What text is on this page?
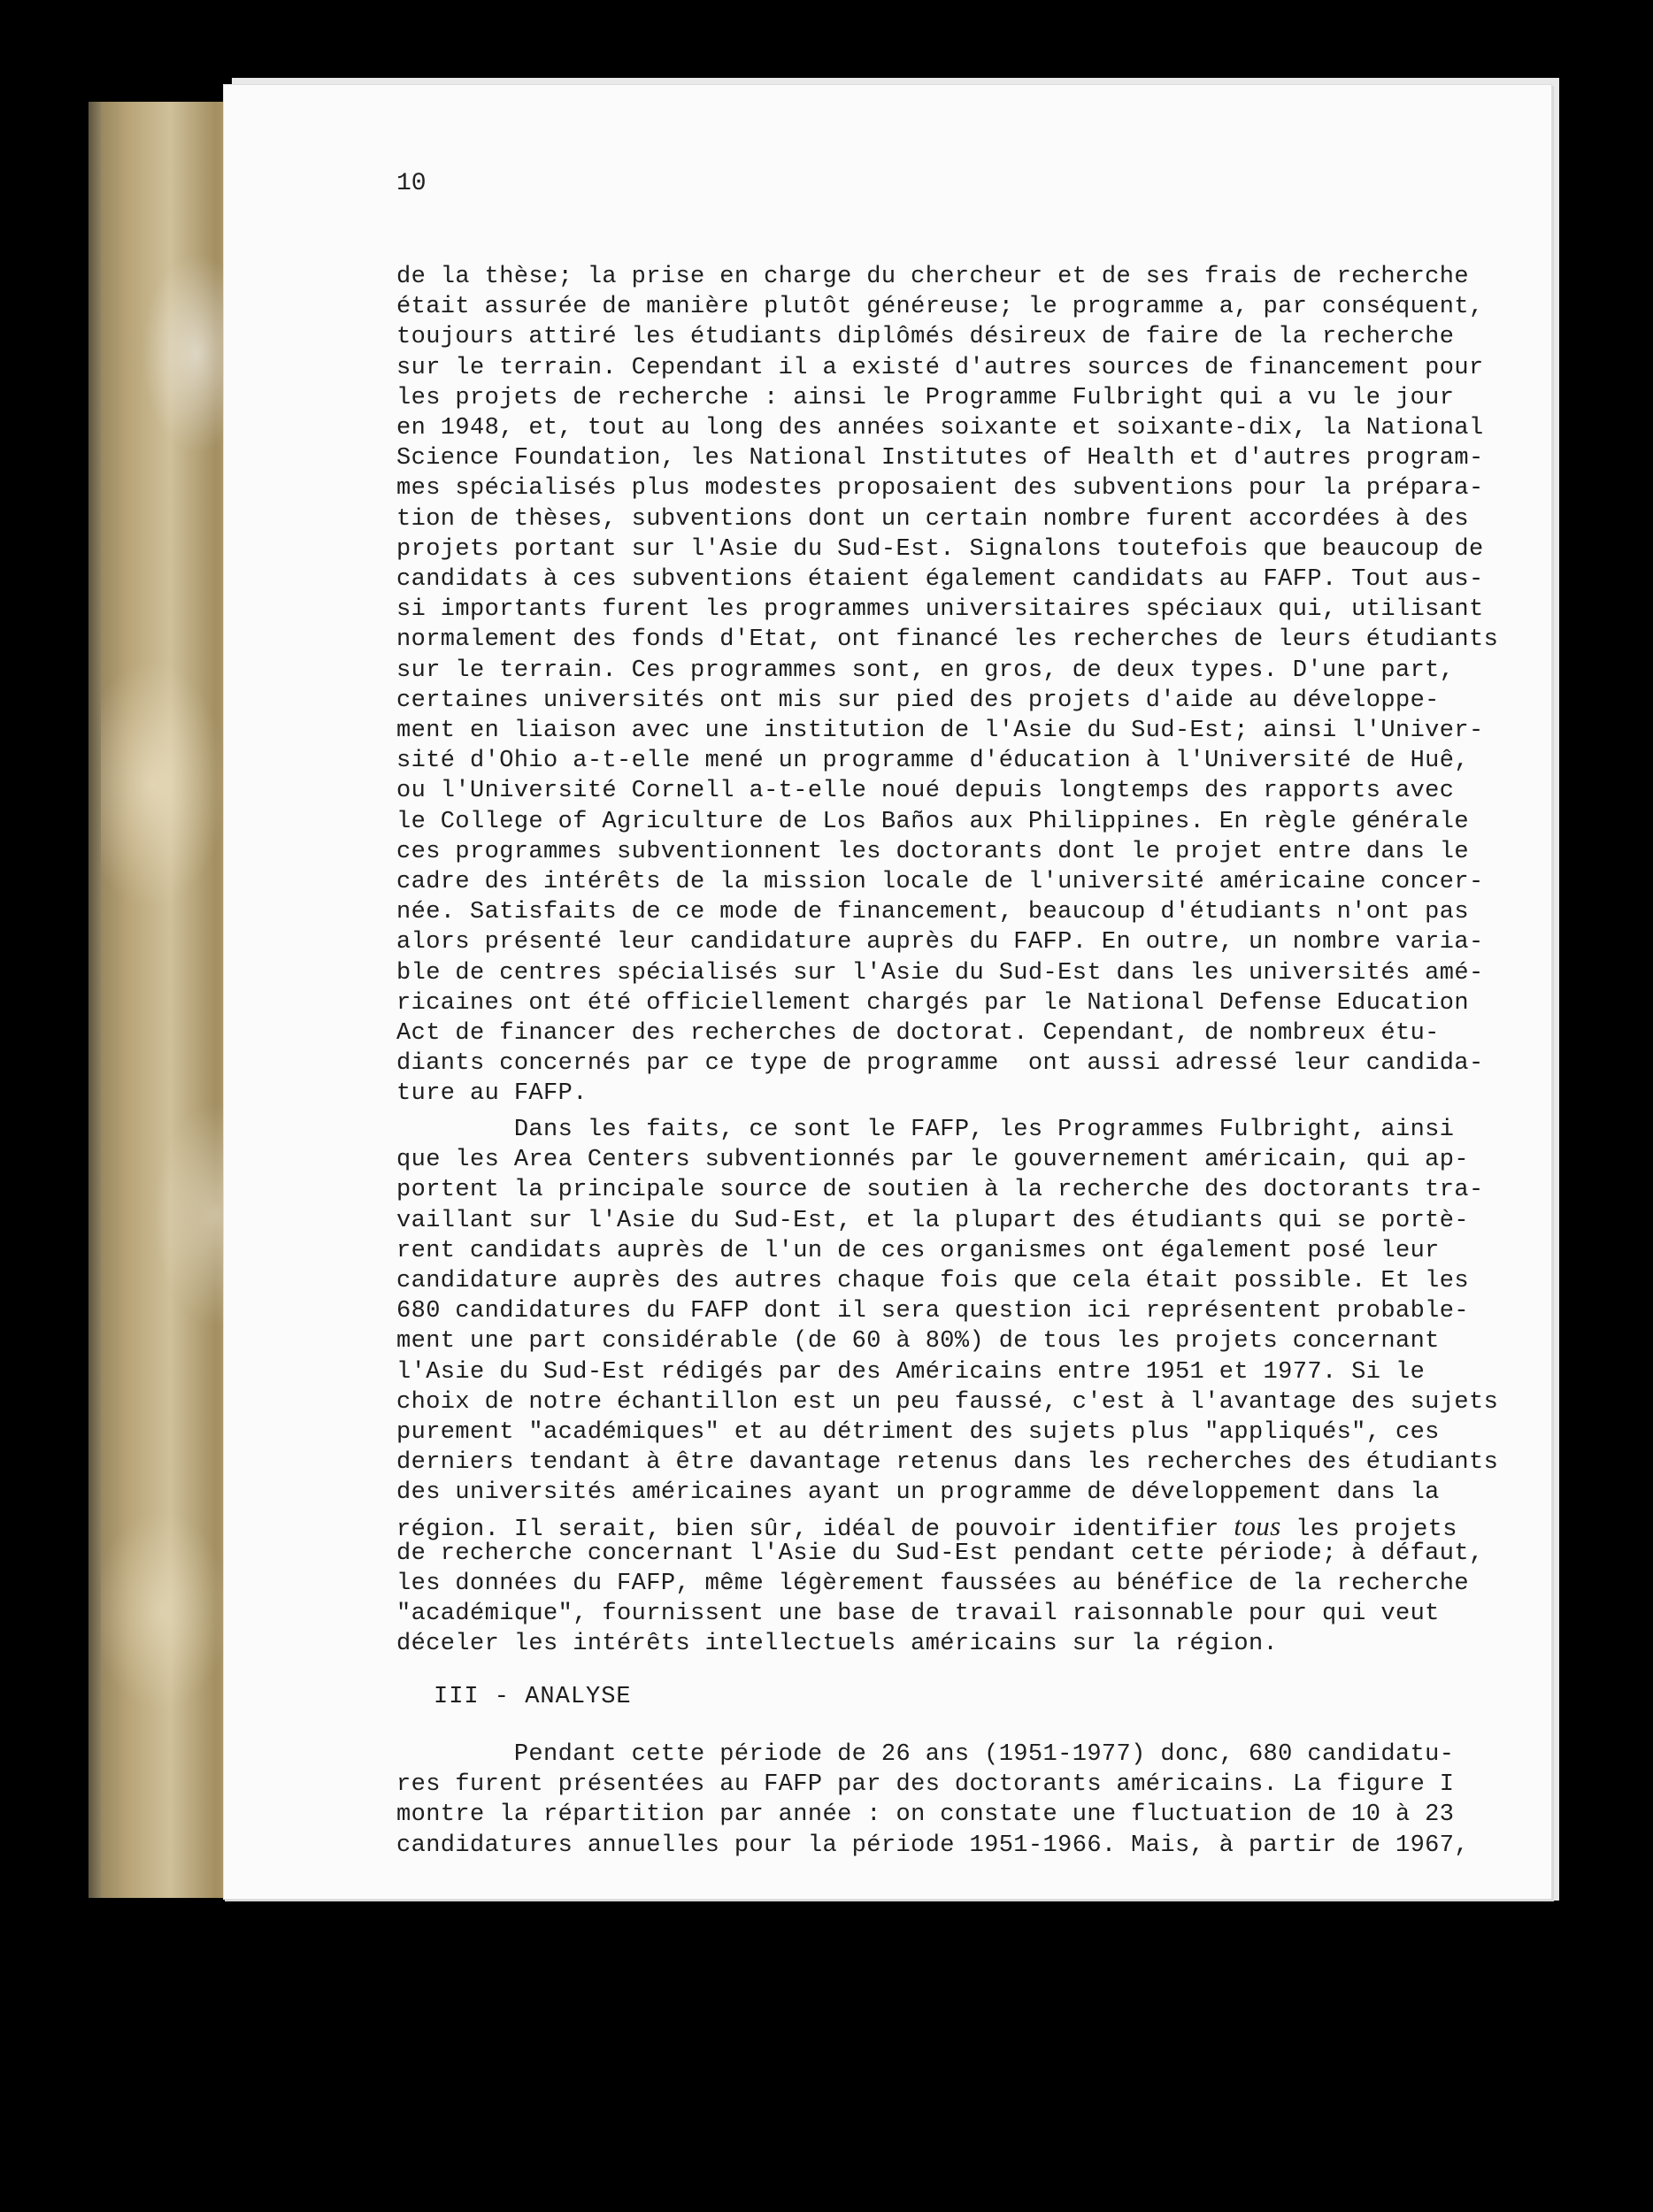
10
de la thèse; la prise en charge du chercheur et de ses frais de recherche
était assurée de manière plutôt généreuse; le programme a, par conséquent,
toujours attiré les étudiants diplômés désireux de faire de la recherche
sur le terrain. Cependant il a existé d'autres sources de financement pour
les projets de recherche : ainsi le Programme Fulbright qui a vu le jour
en 1948, et, tout au long des années soixante et soixante-dix, la National
Science Foundation, les National Institutes of Health et d'autres program-
mes spécialisés plus modestes proposaient des subventions pour la prépara-
tion de thèses, subventions dont un certain nombre furent accordées à des
projets portant sur l'Asie du Sud-Est. Signalons toutefois que beaucoup de
candidats à ces subventions étaient également candidats au FAFP. Tout aus-
si importants furent les programmes universitaires spéciaux qui, utilisant
normalement des fonds d'Etat, ont financé les recherches de leurs étudiants
sur le terrain. Ces programmes sont, en gros, de deux types. D'une part,
certaines universités ont mis sur pied des projets d'aide au développe-
ment en liaison avec une institution de l'Asie du Sud-Est; ainsi l'Univer-
sité d'Ohio a-t-elle mené un programme d'éducation à l'Université de Huê,
ou l'Université Cornell a-t-elle noué depuis longtemps des rapports avec
le College of Agriculture de Los Baños aux Philippines. En règle générale
ces programmes subventionnent les doctorants dont le projet entre dans le
cadre des intérêts de la mission locale de l'université américaine concer-
née. Satisfaits de ce mode de financement, beaucoup d'étudiants n'ont pas
alors présenté leur candidature auprès du FAFP. En outre, un nombre varia-
ble de centres spécialisés sur l'Asie du Sud-Est dans les universités amé-
ricaines ont été officiellement chargés par le National Defense Education
Act de financer des recherches de doctorat. Cependant, de nombreux étu-
diants concernés par ce type de programme  ont aussi adressé leur candida-
ture au FAFP.
Dans les faits, ce sont le FAFP, les Programmes Fulbright, ainsi
que les Area Centers subventionnés par le gouvernement américain, qui ap-
portent la principale source de soutien à la recherche des doctorants tra-
vaillant sur l'Asie du Sud-Est, et la plupart des étudiants qui se portè-
rent candidats auprès de l'un de ces organismes ont également posé leur
candidature auprès des autres chaque fois que cela était possible. Et les
680 candidatures du FAFP dont il sera question ici représentent probable-
ment une part considérable (de 60 à 80%) de tous les projets concernant
l'Asie du Sud-Est rédigés par des Américains entre 1951 et 1977. Si le
choix de notre échantillon est un peu faussé, c'est à l'avantage des sujets
purement "académiques" et au détriment des sujets plus "appliqués", ces
derniers tendant à être davantage retenus dans les recherches des étudiants
des universités américaines ayant un programme de développement dans la
région. Il serait, bien sûr, idéal de pouvoir identifier tous les projets
de recherche concernant l'Asie du Sud-Est pendant cette période; à défaut,
les données du FAFP, même légèrement faussées au bénéfice de la recherche
"académique", fournissent une base de travail raisonnable pour qui veut
déceler les intérêts intellectuels américains sur la région.
III - ANALYSE
Pendant cette période de 26 ans (1951-1977) donc, 680 candidatu-
res furent présentées au FAFP par des doctorants américains. La figure I
montre la répartition par année : on constate une fluctuation de 10 à 23
candidatures annuelles pour la période 1951-1966. Mais, à partir de 1967,
